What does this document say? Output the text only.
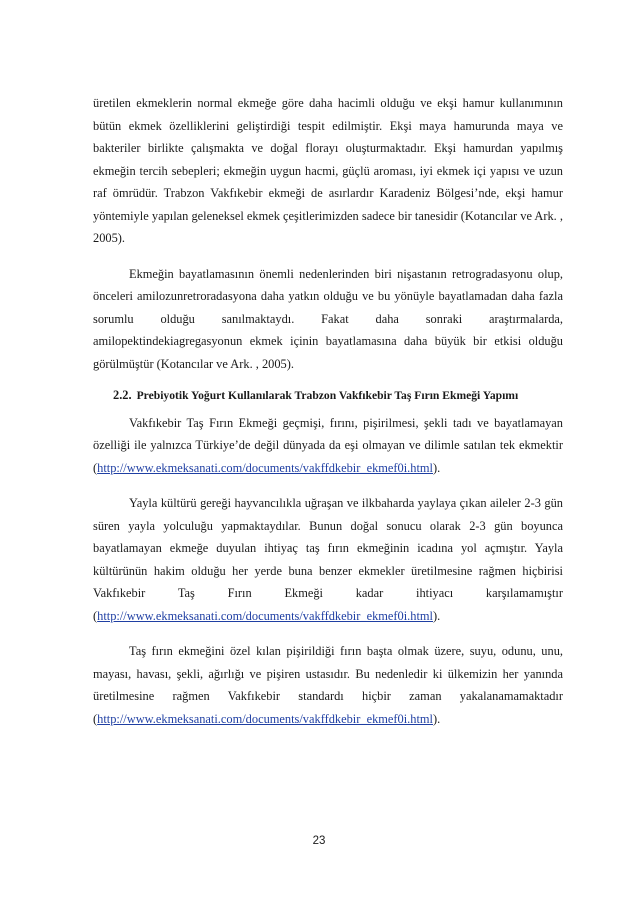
üretilen ekmeklerin normal ekmeğe göre daha hacimli olduğu ve ekşi hamur kullanımının bütün ekmek özelliklerini geliştirdiği tespit edilmiştir. Ekşi maya hamurunda maya ve bakteriler birlikte çalışmakta ve doğal florayı oluşturmaktadır. Ekşi hamurdan yapılmış ekmeğin tercih sebepleri; ekmeğin uygun hacmi, güçlü aroması, iyi ekmek içi yapısı ve uzun raf ömrüdür. Trabzon Vakfıkebir ekmeği de asırlardır Karadeniz Bölgesi’nde, ekşi hamur yöntemiyle yapılan geleneksel ekmek çeşitlerimizden sadece bir tanesidir (Kotancılar ve Ark. , 2005).

Ekmeğin bayatlamasının önemli nedenlerinden biri nişastanın retrogradasyonu olup, önceleri amilozunretroradasyona daha yatkın olduğu ve bu yönüyle bayatlamadan daha fazla sorumlu olduğu sanılmaktaydı. Fakat daha sonraki araştırmalarda, amilopektindekiagregasyonun ekmek içinin bayatlamasına daha büyük bir etkisi olduğu görülmüştür (Kotancılar ve Ark. , 2005).

2.2. Prebiyotik Yoğurt Kullanılarak Trabzon Vakfıkebir Taş Fırın Ekmeği Yapımı

Vakfıkebir Taş Fırın Ekmeği geçmişi, fırını, pişirilmesi, şekli tadı ve bayatlamayan özelliği ile yalnızca Türkiye’de değil dünyada da eşi olmayan ve dilimle satılan tek ekmektir (http://www.ekmeksanati.com/documents/vakffdkebir_ekmef0i.html).

Yayla kültürü gereği hayvancılıkla uğraşan ve ilkbaharda yaylaya çıkan aileler 2-3 gün süren yayla yolculuğu yapmaktaydılar. Bunun doğal sonucu olarak 2-3 gün boyunca bayatlamayan ekmeğe duyulan ihtiyaç taş fırın ekmeğinin icadına yol açmıştır. Yayla kültürünün hakim olduğu her yerde buna benzer ekmekler üretilmesine rağmen hiçbirisi Vakfıkebir Taş Fırın Ekmeği kadar ihtiyacı karşılamamıştır (http://www.ekmeksanati.com/documents/vakffdkebir_ekmef0i.html).

Taş fırın ekmeğini özel kılan pişirildiği fırın başta olmak üzere, suyu, odunu, unu, mayası, havası, şekli, ağırlığı ve pişiren ustasıdır. Bu nedenledir ki ülkemizin her yanında üretilmesine rağmen Vakfıkebir standardı hiçbir zaman yakalanamamaktadır (http://www.ekmeksanati.com/documents/vakffdkebir_ekmef0i.html).

23
